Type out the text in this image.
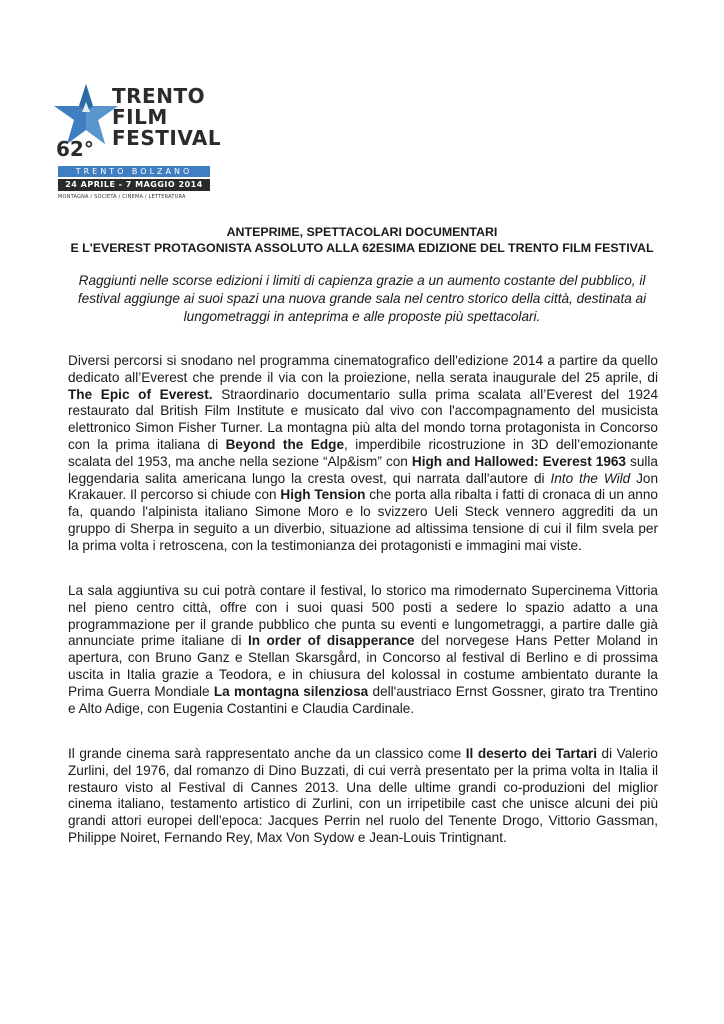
TRENTO
FILM
FESTIVAL
62°
TRENTO BOLZANO
24 APRILE - 7 MAGGIO 2014
MONTAGNA / SOCIETÀ / CINEMA / LETTERATURA
ANTEPRIME, SPETTACOLARI DOCUMENTARI
E L'EVEREST PROTAGONISTA ASSOLUTO ALLA 62ESIMA EDIZIONE DEL TRENTO FILM FESTIVAL
Raggiunti nelle scorse edizioni i limiti di capienza grazie a un aumento costante del pubblico, il festival aggiunge ai suoi spazi una nuova grande sala nel centro storico della città, destinata ai lungometraggi in anteprima e alle proposte più spettacolari.
Diversi percorsi si snodano nel programma cinematografico dell'edizione 2014 a partire da quello dedicato all’Everest che prende il via con la proiezione, nella serata inaugurale del 25 aprile, di The Epic of Everest. Straordinario documentario sulla prima scalata all’Everest del 1924 restaurato dal British Film Institute e musicato dal vivo con l'accompagnamento del musicista elettronico Simon Fisher Turner. La montagna più alta del mondo torna protagonista in Concorso con la prima italiana di Beyond the Edge, imperdibile ricostruzione in 3D dell’emozionante scalata del 1953, ma anche nella sezione “Alp&ism” con High and Hallowed: Everest 1963 sulla leggendaria salita americana lungo la cresta ovest, qui narrata dall'autore di Into the Wild Jon Krakauer. Il percorso si chiude con High Tension che porta alla ribalta i fatti di cronaca di un anno fa, quando l'alpinista italiano Simone Moro e lo svizzero Ueli Steck vennero aggrediti da un gruppo di Sherpa in seguito a un diverbio, situazione ad altissima tensione di cui il film svela per la prima volta i retroscena, con la testimonianza dei protagonisti e immagini mai viste.
La sala aggiuntiva su cui potrà contare il festival, lo storico ma rimodernato Supercinema Vittoria nel pieno centro città, offre con i suoi quasi 500 posti a sedere lo spazio adatto a una programmazione per il grande pubblico che punta su eventi e lungometraggi, a partire dalle già annunciate prime italiane di In order of disapperance del norvegese Hans Petter Moland in apertura, con Bruno Ganz e Stellan Skarsgård, in Concorso al festival di Berlino e di prossima uscita in Italia grazie a Teodora, e in chiusura del kolossal in costume ambientato durante la Prima Guerra Mondiale La montagna silenziosa dell'austriaco Ernst Gossner, girato tra Trentino e Alto Adige, con Eugenia Costantini e Claudia Cardinale.
Il grande cinema sarà rappresentato anche da un classico come Il deserto dei Tartari di Valerio Zurlini, del 1976, dal romanzo di Dino Buzzati, di cui verrà presentato per la prima volta in Italia il restauro visto al Festival di Cannes 2013. Una delle ultime grandi co-produzioni del miglior cinema italiano, testamento artistico di Zurlini, con un irripetibile cast che unisce alcuni dei più grandi attori europei dell'epoca: Jacques Perrin nel ruolo del Tenente Drogo, Vittorio Gassman, Philippe Noiret, Fernando Rey, Max Von Sydow e Jean-Louis Trintignant.
